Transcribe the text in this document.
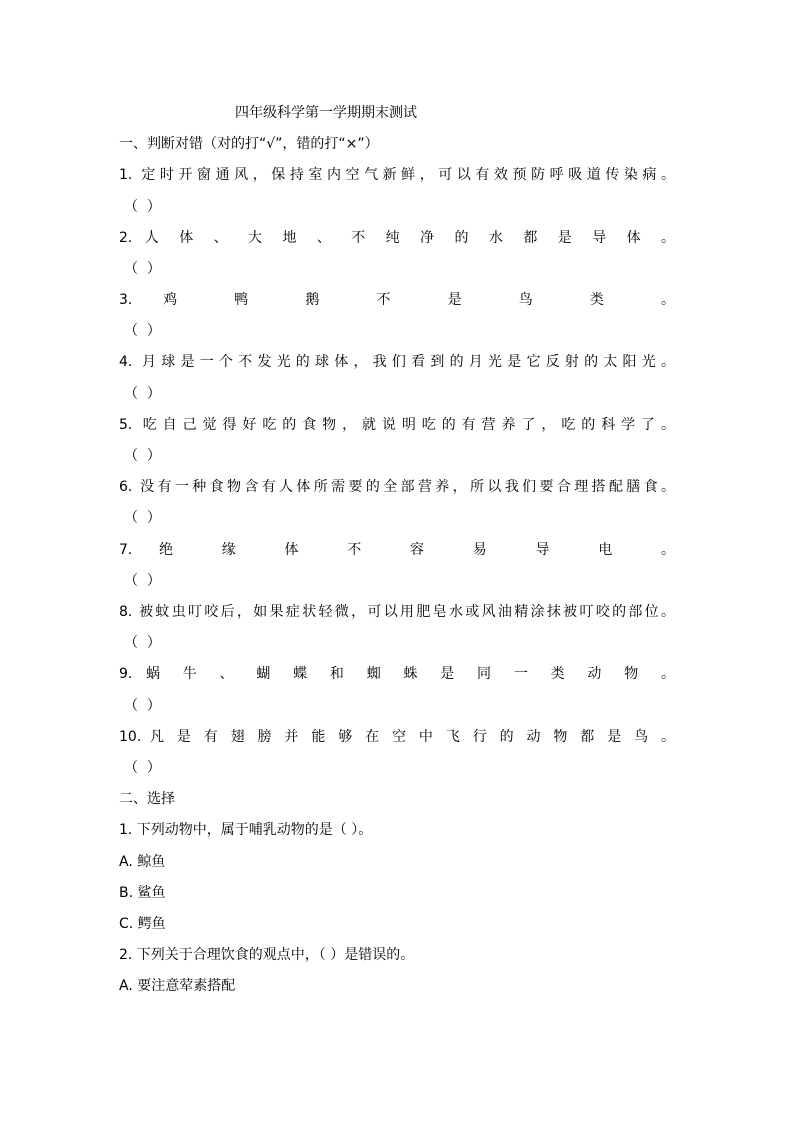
四年级科学第一学期期末测试
一、判断对错（对的打“√”，错的打“×”）
1. 定时开窗通风，保持室内空气新鲜，可以有效预防呼吸道传染病。
（  ）
2. 人 体 、 大 地 、 不 纯 净 的 水 都 是 导 体 。
（  ）
3. 鸡 鸭 鹅 不 是 鸟 类 。
（  ）
4. 月球是一个不发光的球体，我们看到的月光是它反射的太阳光。
（  ）
5. 吃自己觉得好吃的食物，就说明吃的有营养了，吃的科学了。
（  ）
6. 没有一种食物含有人体所需要的全部营养，所以我们要合理搭配膳食。
（  ）
7. 绝 缘 体 不 容 易 导 电 。
（  ）
8. 被蚊虫叮咬后，如果症状轻微，可以用肥皂水或风油精涂抹被叮咬的部位。
（  ）
9. 蜗 牛 、 蝴 蝶 和 蜘 蛛 是 同 一 类 动 物 。
（  ）
10. 凡 是 有 翅 膀 并 能 够 在 空 中 飞 行 的 动 物 都 是 鸟 。
（  ）
二、选择
1. 下列动物中，属于哺乳动物的是（ ）。
A. 鲸鱼
B. 鲨鱼
C. 鳄鱼
2. 下列关于合理饮食的观点中，（ ）是错误的。
A. 要注意荤素搭配
